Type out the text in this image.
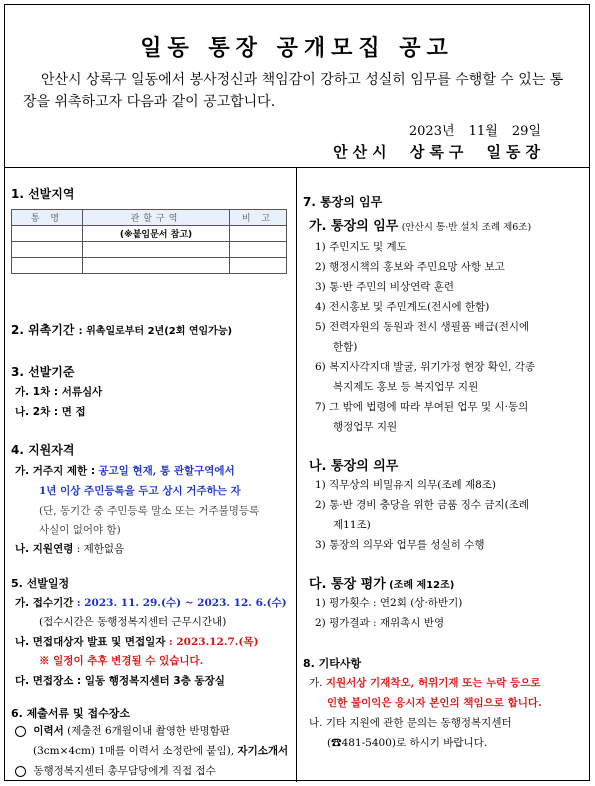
일동 통장 공개모집 공고
안산시 상록구 일동에서 봉사정신과 책임감이 강하고 성실히 임무를 수행할 수 있는 통장을 위촉하고자 다음과 같이 공고합니다.
2023년 11월 29일
안산시 상록구 일동장
1. 선발지역
통 명	관할구역	비 고
	(※붙임문서 참고)	

2. 위촉기간 : 위촉일로부터 2년(2회 연임가능)
3. 선발기준
가. 1차 : 서류심사
나. 2차 : 면 접
4. 지원자격
가. 거주지 제한 : 공고일 현재, 통 관할구역에서
1년 이상 주민등록을 두고 상시 거주하는 자
(단, 동기간 중 주민등록 말소 또는 거주불명등록
사실이 없어야 함)
나. 지원연령 : 제한없음
5. 선발일정
가. 접수기간 : 2023. 11. 29.(수) ~ 2023. 12. 6.(수)
(접수시간은 동행정복지센터 근무시간내)
나. 면접대상자 발표 및 면접일자 : 2023.12.7.(목)
※ 일정이 추후 변경될 수 있습니다.
다. 면접장소 : 일동 행정복지센터 3층 동장실
6. 제출서류 및 접수장소
이력서 (제출전 6개월이내 촬영한 반명함판
(3cm×4cm) 1매를 이력서 소정란에 붙임), 자기소개서
동행정복지센터 총무담당에게 직접 접수
7. 통장의 임무
가. 통장의 임무 (안산시 통·반 설치 조례 제6조)
1) 주민지도 및 계도
2) 행정시책의 홍보와 주민요망 사항 보고
3) 통·반 주민의 비상연락 훈련
4) 전시홍보 및 주민계도(전시에 한함)
5) 전력자원의 동원과 전시 생필품 배급(전시에
한함)
6) 복지사각지대 발굴, 위기가정 현장 확인, 각종
복지제도 홍보 등 복지업무 지원
7) 그 밖에 법령에 따라 부여된 업무 및 시·동의
행정업무 지원
나. 통장의 의무
1) 직무상의 비밀유지 의무(조례 제8조)
2) 통·반 경비 충당을 위한 금품 징수 금지(조례
제11조)
3) 통장의 의무와 업무를 성실히 수행
다. 통장 평가 (조례 제12조)
1) 평가횟수 : 연2회 (상·하반기)
2) 평가결과 : 재위촉시 반영
8. 기타사항
가. 지원서상 기재착오, 허위기재 또는 누락 등으로
인한 불이익은 응시자 본인의 책임으로 합니다.
나. 기타 지원에 관한 문의는 동행정복지센터
(☎481-5400)로 하시기 바랍니다.
